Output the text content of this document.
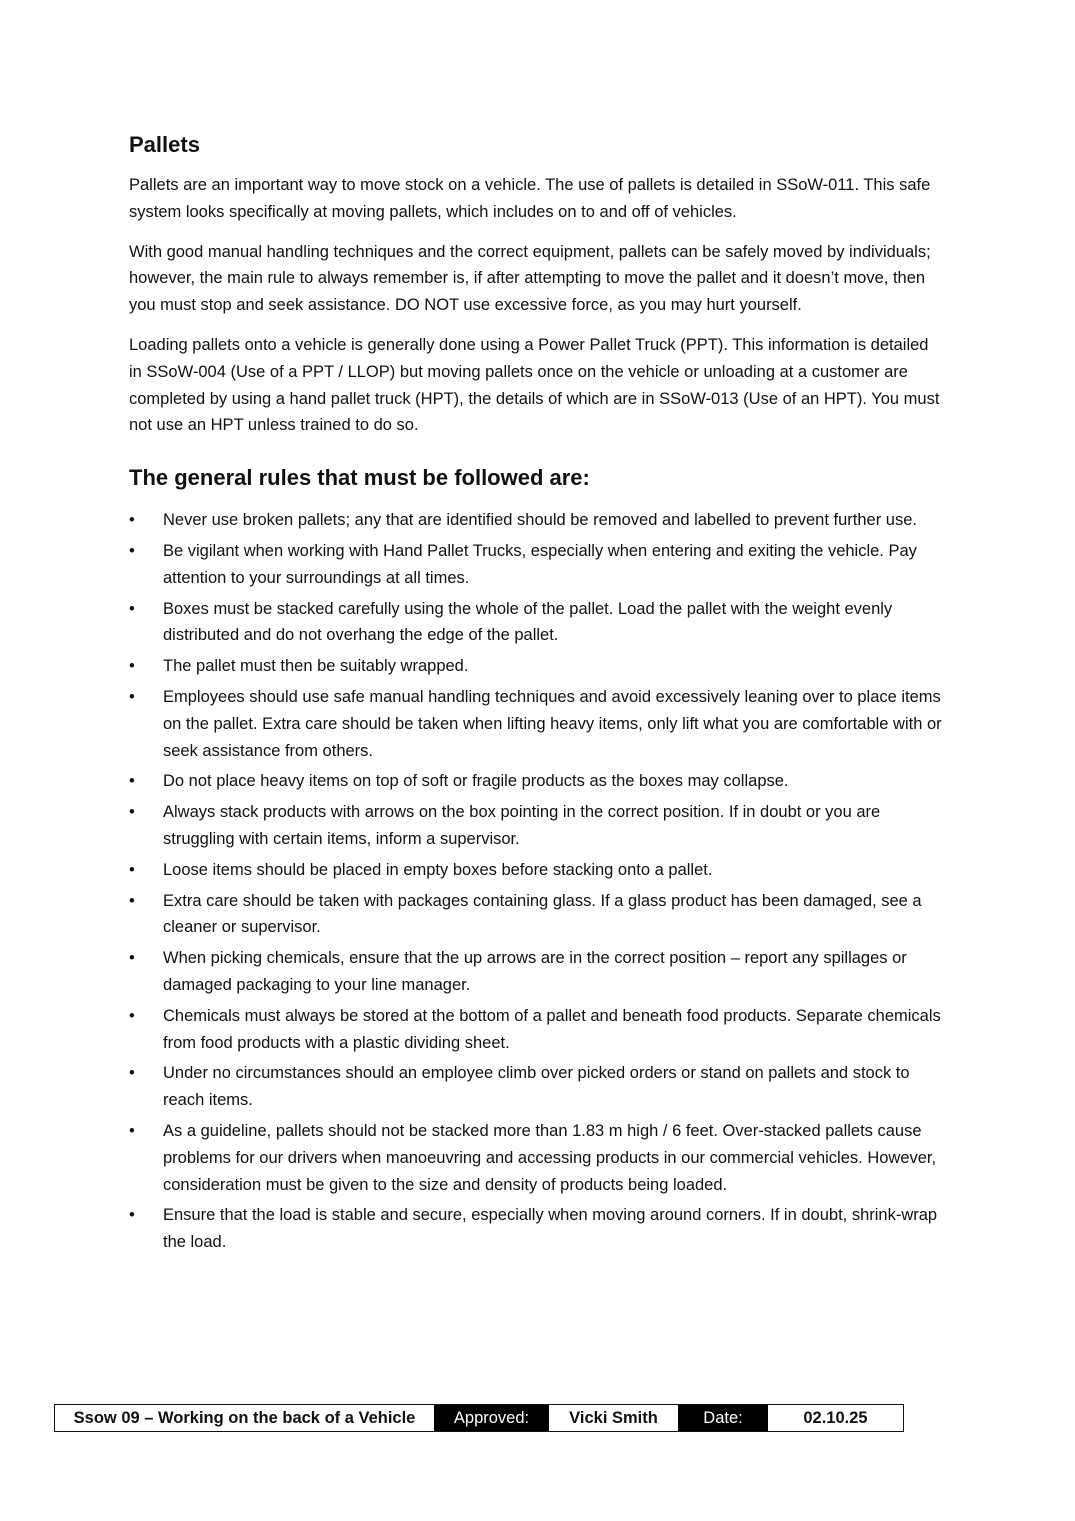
Pallets

Pallets are an important way to move stock on a vehicle. The use of pallets is detailed in SSoW-011. This safe system looks specifically at moving pallets, which includes on to and off of vehicles.

With good manual handling techniques and the correct equipment, pallets can be safely moved by individuals; however, the main rule to always remember is, if after attempting to move the pallet and it doesn’t move, then you must stop and seek assistance. DO NOT use excessive force, as you may hurt yourself.

Loading pallets onto a vehicle is generally done using a Power Pallet Truck (PPT). This information is detailed in SSoW-004 (Use of a PPT / LLOP) but moving pallets once on the vehicle or unloading at a customer are completed by using a hand pallet truck (HPT), the details of which are in SSoW-013 (Use of an HPT). You must not use an HPT unless trained to do so.

The general rules that must be followed are:
• Never use broken pallets; any that are identified should be removed and labelled to prevent further use.
• Be vigilant when working with Hand Pallet Trucks, especially when entering and exiting the vehicle. Pay attention to your surroundings at all times.
• Boxes must be stacked carefully using the whole of the pallet. Load the pallet with the weight evenly distributed and do not overhang the edge of the pallet.
• The pallet must then be suitably wrapped.
• Employees should use safe manual handling techniques and avoid excessively leaning over to place items on the pallet. Extra care should be taken when lifting heavy items, only lift what you are comfortable with or seek assistance from others.
• Do not place heavy items on top of soft or fragile products as the boxes may collapse.
• Always stack products with arrows on the box pointing in the correct position. If in doubt or you are struggling with certain items, inform a supervisor.
• Loose items should be placed in empty boxes before stacking onto a pallet.
• Extra care should be taken with packages containing glass. If a glass product has been damaged, see a cleaner or supervisor.
• When picking chemicals, ensure that the up arrows are in the correct position – report any spillages or damaged packaging to your line manager.
• Chemicals must always be stored at the bottom of a pallet and beneath food products. Separate chemicals from food products with a plastic dividing sheet.
• Under no circumstances should an employee climb over picked orders or stand on pallets and stock to reach items.
• As a guideline, pallets should not be stacked more than 1.83 m high / 6 feet. Over-stacked pallets cause problems for our drivers when manoeuvring and accessing products in our commercial vehicles. However, consideration must be given to the size and density of products being loaded.
• Ensure that the load is stable and secure, especially when moving around corners. If in doubt, shrink-wrap the load.
Ssow 09 – Working on the back of a Vehicle	Approved:	Vicki Smith	Date:	02.10.25
